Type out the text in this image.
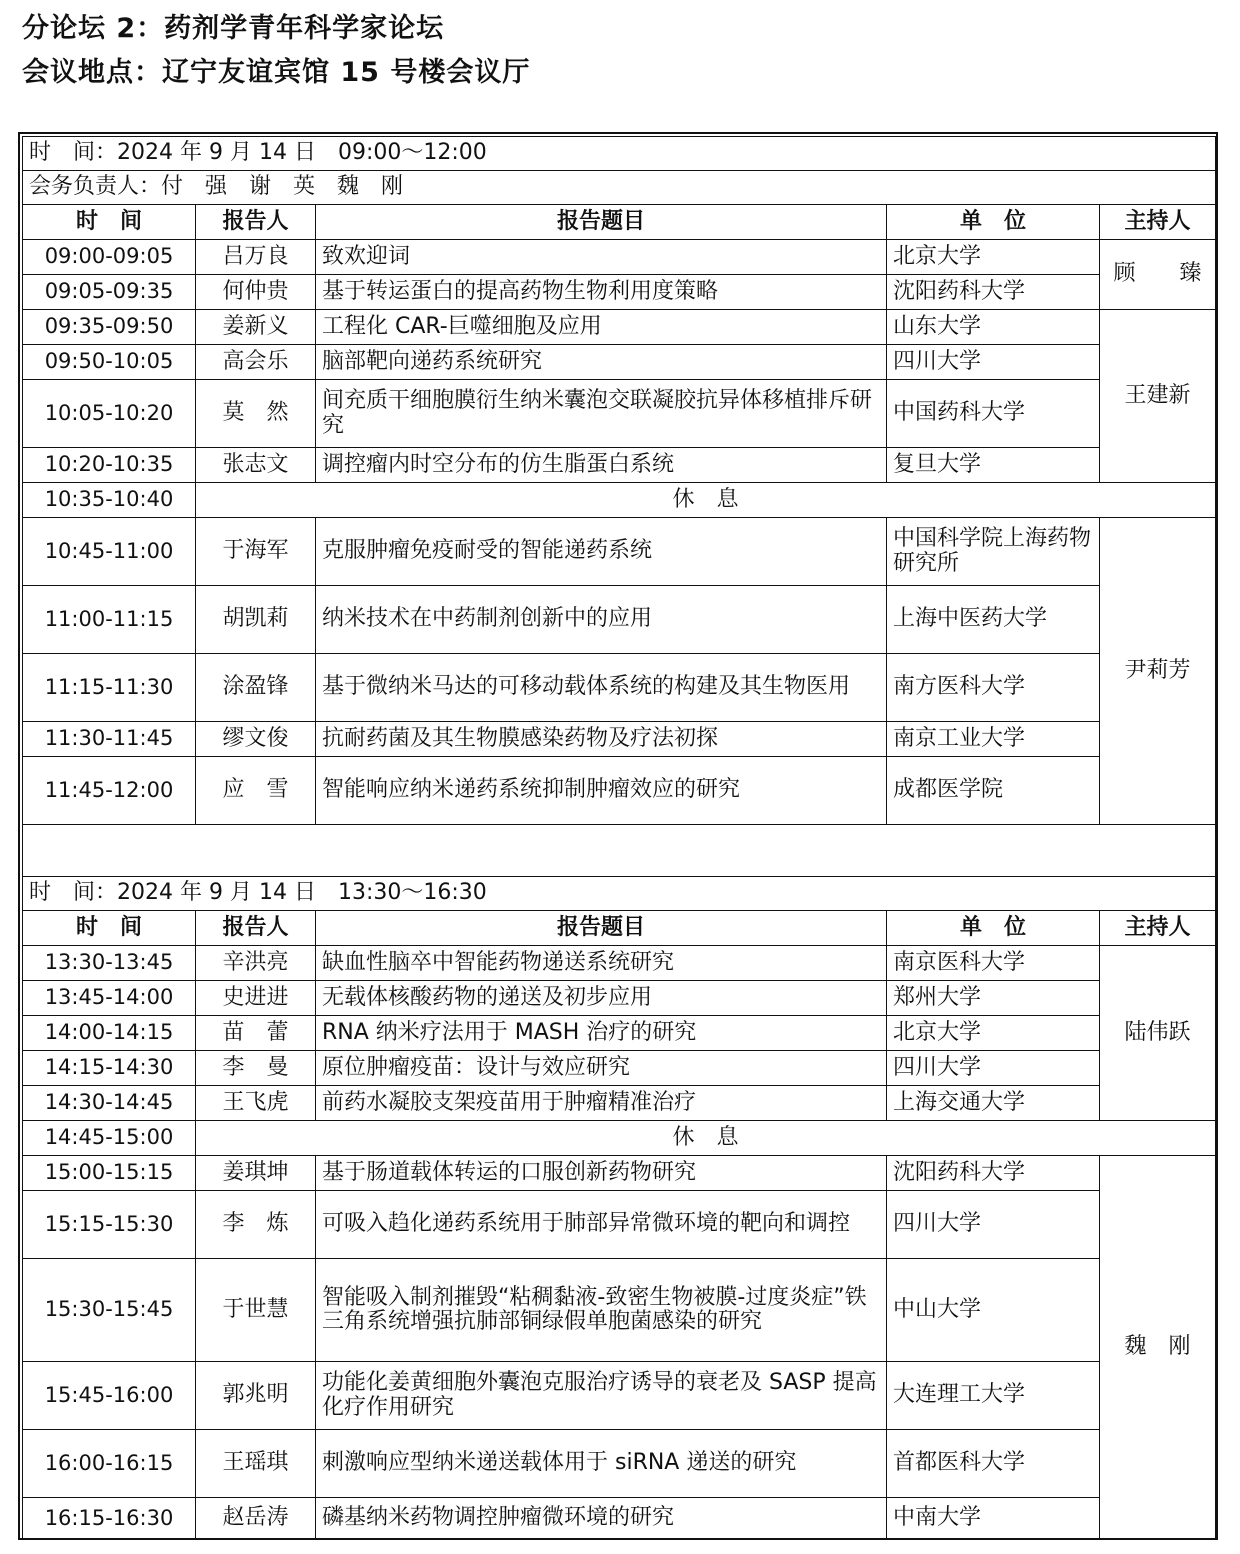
分论坛 2：药剂学青年科学家论坛
会议地点：辽宁友谊宾馆 15 号楼会议厅
时　间：2024 年 9 月 14 日　09:00～12:00				
会务负责人：付　强　谢　英　魏　刚				
时　间	报告人	报告题目	单　位	主持人
09:00-09:05	吕万良	致欢迎词	北京大学	顾　　臻
09:05-09:35	何仲贵	基于转运蛋白的提高药物生物利用度策略	沈阳药科大学	
09:35-09:50	姜新义	工程化 CAR-巨噬细胞及应用	山东大学	王建新
09:50-10:05	高会乐	脑部靶向递药系统研究	四川大学	
10:05-10:20	莫　然	间充质干细胞膜衍生纳米囊泡交联凝胶抗异体移植排斥研究	中国药科大学	
10:20-10:35	张志文	调控瘤内时空分布的仿生脂蛋白系统	复旦大学	
10:35-10:40	休　息			
10:45-11:00	于海军	克服肿瘤免疫耐受的智能递药系统	中国科学院上海药物研究所	尹莉芳
11:00-11:15	胡凯莉	纳米技术在中药制剂创新中的应用	上海中医药大学	
11:15-11:30	涂盈锋	基于微纳米马达的可移动载体系统的构建及其生物医用	南方医科大学	
11:30-11:45	缪文俊	抗耐药菌及其生物膜感染药物及疗法初探	南京工业大学	
11:45-12:00	应　雪	智能响应纳米递药系统抑制肿瘤效应的研究	成都医学院	

时　间：2024 年 9 月 14 日　13:30～16:30				
时　间	报告人	报告题目	单　位	主持人
13:30-13:45	辛洪亮	缺血性脑卒中智能药物递送系统研究	南京医科大学	陆伟跃
13:45-14:00	史进进	无载体核酸药物的递送及初步应用	郑州大学	
14:00-14:15	苗　蕾	RNA 纳米疗法用于 MASH 治疗的研究	北京大学	
14:15-14:30	李　曼	原位肿瘤疫苗：设计与效应研究	四川大学	
14:30-14:45	王飞虎	前药水凝胶支架疫苗用于肿瘤精准治疗	上海交通大学	
14:45-15:00	休　息			
15:00-15:15	姜琪坤	基于肠道载体转运的口服创新药物研究	沈阳药科大学	魏　刚
15:15-15:30	李　炼	可吸入趋化递药系统用于肺部异常微环境的靶向和调控	四川大学	
15:30-15:45	于世慧	智能吸入制剂摧毁“粘稠黏液-致密生物被膜-过度炎症”铁三角系统增强抗肺部铜绿假单胞菌感染的研究	中山大学	
15:45-16:00	郭兆明	功能化姜黄细胞外囊泡克服治疗诱导的衰老及 SASP 提高化疗作用研究	大连理工大学	
16:00-16:15	王瑶琪	刺激响应型纳米递送载体用于 siRNA 递送的研究	首都医科大学	
16:15-16:30	赵岳涛	磷基纳米药物调控肿瘤微环境的研究	中南大学	
